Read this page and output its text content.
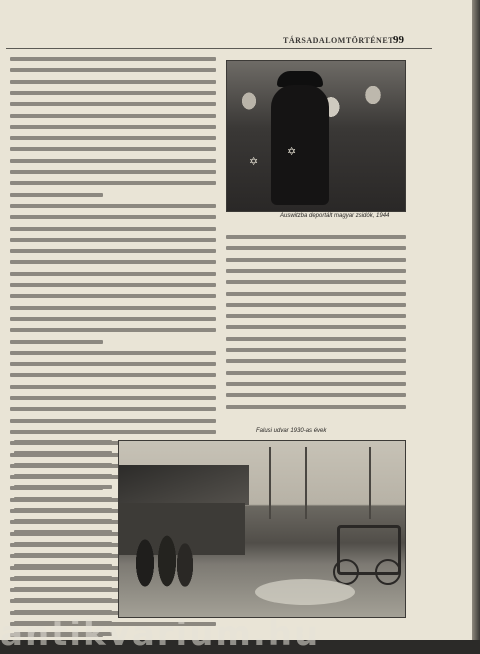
TÁRSADALOMTÖRTÉNET 99
✡
✡
Auswitzba deportált magyar zsidók, 1944
Falusi udvar 1930-as évek
antikvarium.hu
